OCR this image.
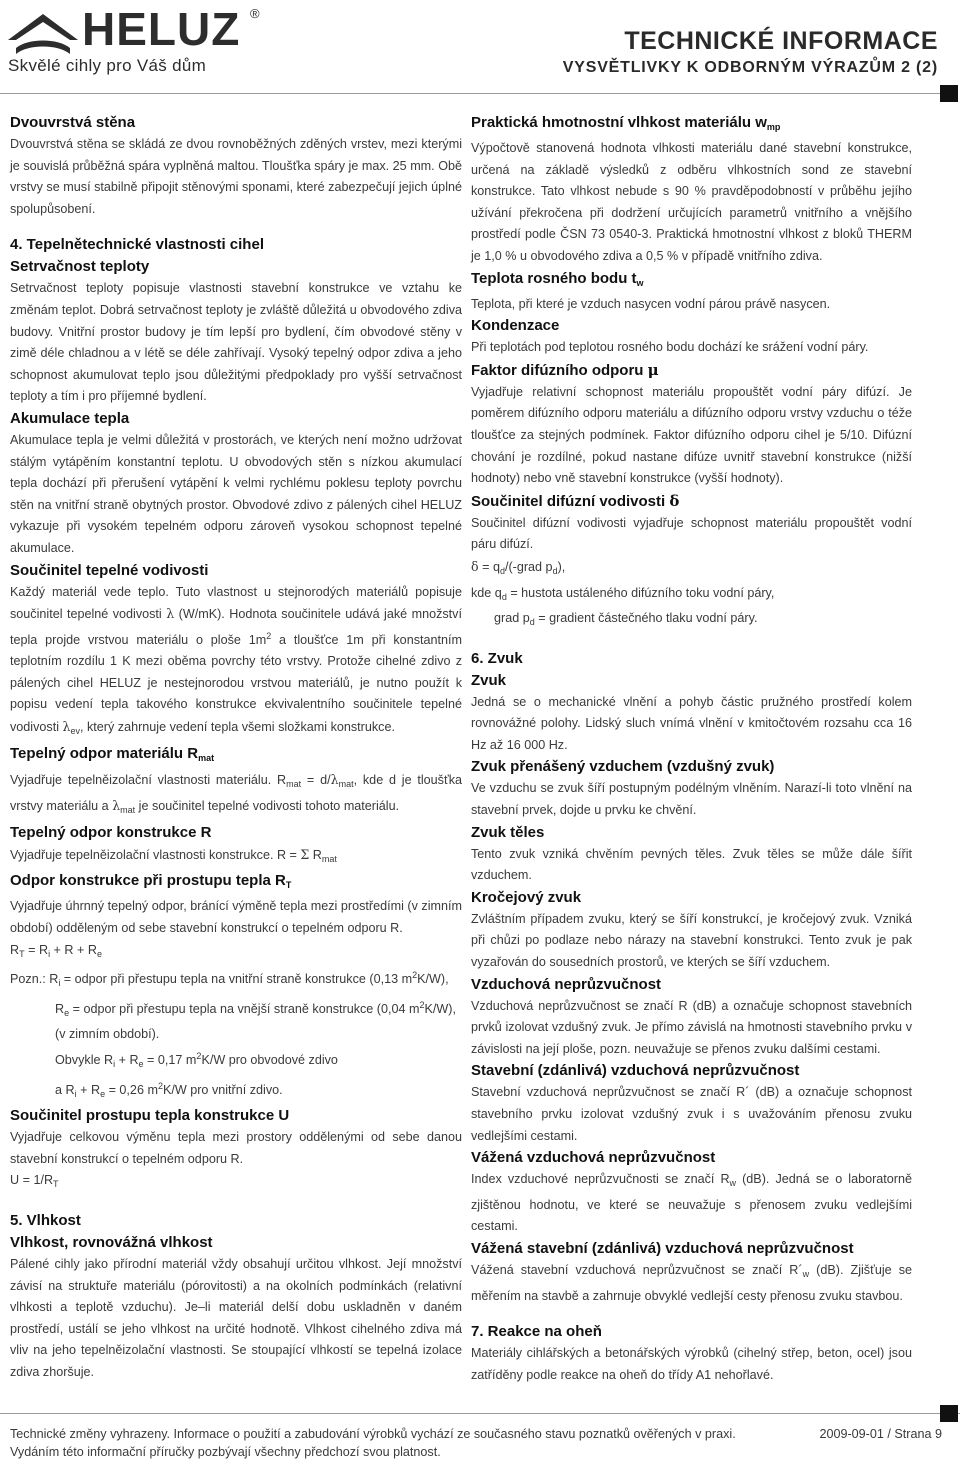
HELUZ ®
Skvělé cihly pro Váš dům
TECHNICKÉ INFORMACE
VYSVĚTLIVKY K ODBORNÝM VÝRAZŮM 2 (2)
Dvouvrstvá stěna

Dvouvrstvá stěna se skládá ze dvou rovnoběžných zděných vrstev, mezi kterými je souvislá průběžná spára vyplněná maltou. Tloušťka spáry je max. 25 mm. Obě vrstvy se musí stabilně připojit stěnovými sponami, které zabezpečují jejich úplné spolupůsobení.

4. Tepelnětechnické vlastnosti cihel
Setrvačnost teploty

Setrvačnost teploty popisuje vlastnosti stavební konstrukce ve vztahu ke změnám teplot. Dobrá setrvačnost teploty je zvláště důležitá u obvodového zdiva budovy. Vnitřní prostor budovy je tím lepší pro bydlení, čím obvodové stěny v zimě déle chladnou a v létě se déle zahřívají. Vysoký tepelný odpor zdiva a jeho schopnost akumulovat teplo jsou důležitými předpoklady pro vyšší setrvačnost teploty a tím i pro příjemné bydlení.

Akumulace tepla

Akumulace tepla je velmi důležitá v prostorách, ve kterých není možno udržovat stálým vytápěním konstantní teplotu. U obvodových stěn s nízkou akumulací tepla dochází při přerušení vytápění k velmi rychlému poklesu teploty povrchu stěn na vnitřní straně obytných prostor. Obvodové zdivo z pálených cihel HELUZ vykazuje při vysokém tepelném odporu zároveň vysokou schopnost tepelné akumulace.

Součinitel tepelné vodivosti

Každý materiál vede teplo. Tuto vlastnost u stejnorodých materiálů popisuje součinitel tepelné vodivosti λ (W/mK). Hodnota součinitele udává jaké množství tepla projde vrstvou materiálu o ploše $1m^2$ a tloušťce 1m při konstantním teplotním rozdílu 1 K mezi oběma povrchy této vrstvy. Protože cihelné zdivo z pálených cihel HELUZ je nestejnorodou vrstvou materiálů, je nutno použít k popisu vedení tepla takového konstrukce ekvivalentního součinitele tepelné vodivosti $\lambda_{ev}$, který zahrnuje vedení tepla všemi složkami konstrukce.

Tepelný odpor materiálu $R_{mat}$

Vyjadřuje tepelněizolační vlastnosti materiálu. $R_{mat} = d/\lambda_{mat}$, kde d je tloušťka vrstvy materiálu a $\lambda_{mat}$ je součinitel tepelné vodivosti tohoto materiálu.

Tepelný odpor konstrukce R

Vyjadřuje tepelněizolační vlastnosti konstrukce. R = Σ $R_{mat}$

Odpor konstrukce při prostupu tepla $R_T$

Vyjadřuje úhrnný tepelný odpor, bránící výměně tepla mezi prostředími (v zimním období) odděleným od sebe stavební konstrukcí o tepelném odporu R.

$R_T = R_i + R + R_e$

Pozn.: $R_i$ = odpor při přestupu tepla na vnitřní straně konstrukce (0,13 $m^2K/W$),

$R_e$ = odpor při přestupu tepla na vnější straně konstrukce (0,04 $m^2K/W$),

(v zimním období).

Obvykle $R_i + R_e = 0,17$ $m^2K/W$ pro obvodové zdivo

a $R_i + R_e = 0,26$ $m^2K/W$ pro vnitřní zdivo.

Součinitel prostupu tepla konstrukce U

Vyjadřuje celkovou výměnu tepla mezi prostory oddělenými od sebe danou stavební konstrukcí o tepelném odporu R.

$U = 1/R_T$

5. Vlhkost
Vlhkost, rovnovážná vlhkost

Pálené cihly jako přírodní materiál vždy obsahují určitou vlhkost. Její množství závisí na struktuře materiálu (pórovitosti) a na okolních podmínkách (relativní vlhkosti a teplotě vzduchu). Je–li materiál delší dobu uskladněn v daném prostředí, ustálí se jeho vlhkost na určité hodnotě. Vlhkost cihelného zdiva má vliv na jeho tepelněizolační vlastnosti. Se stoupající vlhkostí se tepelná izolace zdiva zhoršuje.

Praktická hmotnostní vlhkost materiálu $w_{mp}$

Výpočtově stanovená hodnota vlhkosti materiálu dané stavební konstrukce, určená na základě výsledků z odběru vlhkostních sond ze stavební konstrukce. Tato vlhkost nebude s 90 % pravděpodobností v průběhu jejího užívání překročena při dodržení určujících parametrů vnitřního a vnějšího prostředí podle ČSN 73 0540-3. Praktická hmotnostní vlhkost z bloků THERM je 1,0 % u obvodového zdiva a 0,5 % v případě vnitřního zdiva.

Teplota rosného bodu $t_w$

Teplota, při které je vzduch nasycen vodní párou právě nasycen.

Kondenzace

Při teplotách pod teplotou rosného bodu dochází ke srážení vodní páry.

Faktor difúzního odporu μ

Vyjadřuje relativní schopnost materiálu propouštět vodní páry difúzí. Je poměrem difúzního odporu materiálu a difúzního odporu vrstvy vzduchu o téže tloušťce za stejných podmínek. Faktor difúzního odporu cihel je 5/10. Difúzní chování je rozdílné, pokud nastane difúze uvnitř stavební konstrukce (nižší hodnoty) nebo vně stavební konstrukce (vyšší hodnoty).

Součinitel difúzní vodivosti δ

Součinitel difúzní vodivosti vyjadřuje schopnost materiálu propouštět vodní páru difúzí.

$\delta = q_d/$(-grad $p_d$),

kde $q_d$ = hustota ustáleného difúzního toku vodní páry,

grad $p_d$ = gradient částečného tlaku vodní páry.

6. Zvuk
Zvuk

Jedná se o mechanické vlnění a pohyb částic pružného prostředí kolem rovnovážné polohy. Lidský sluch vnímá vlnění v kmitočtovém rozsahu cca 16 Hz až 16 000 Hz.

Zvuk přenášený vzduchem (vzdušný zvuk)

Ve vzduchu se zvuk šíří postupným podélným vlněním. Narazí-li toto vlnění na stavební prvek, dojde u prvku ke chvění.

Zvuk těles

Tento zvuk vzniká chvěním pevných těles. Zvuk těles se může dále šířit vzduchem.

Kročejový zvuk

Zvláštním případem zvuku, který se šíří konstrukcí, je kročejový zvuk. Vzniká při chůzi po podlaze nebo nárazy na stavební konstrukci. Tento zvuk je pak vyzařován do sousedních prostorů, ve kterých se šíří vzduchem.

Vzduchová neprůzvučnost

Vzduchová neprůzvučnost se značí R (dB) a označuje schopnost stavebních prvků izolovat vzdušný zvuk. Je přímo závislá na hmotnosti stavebního prvku v závislosti na její ploše, pozn. neuvažuje se přenos zvuku dalšími cestami.

Stavební (zdánlivá) vzduchová neprůzvučnost

Stavební vzduchová neprůzvučnost se značí R´ (dB) a označuje schopnost stavebního prvku izolovat vzdušný zvuk i s uvažováním přenosu zvuku vedlejšími cestami.

Vážená vzduchová neprůzvučnost

Index vzduchové neprůzvučnosti se značí $R_w$ (dB). Jedná se o laboratorně zjištěnou hodnotu, ve které se neuvažuje s přenosem zvuku vedlejšími cestami.

Vážená stavební (zdánlivá) vzduchová neprůzvučnost

Vážená stavební vzduchová neprůzvučnost se značí $R´_w$ (dB). Zjišťuje se měřením na stavbě a zahrnuje obvyklé vedlejší cesty přenosu zvuku stavbou.

7. Reakce na oheň

Materiály cihlářských a betonářských výrobků (cihelný střep, beton, ocel) jsou zatříděny podle reakce na oheň do třídy A1 nehořlavé.

Technické změny vyhrazeny. Informace o použití a zabudování výrobků vychází ze současného stavu poznatků ověřených v praxi.
Vydáním této informační příručky pozbývají všechny předchozí svou platnost.
2009-09-01 / Strana 9
